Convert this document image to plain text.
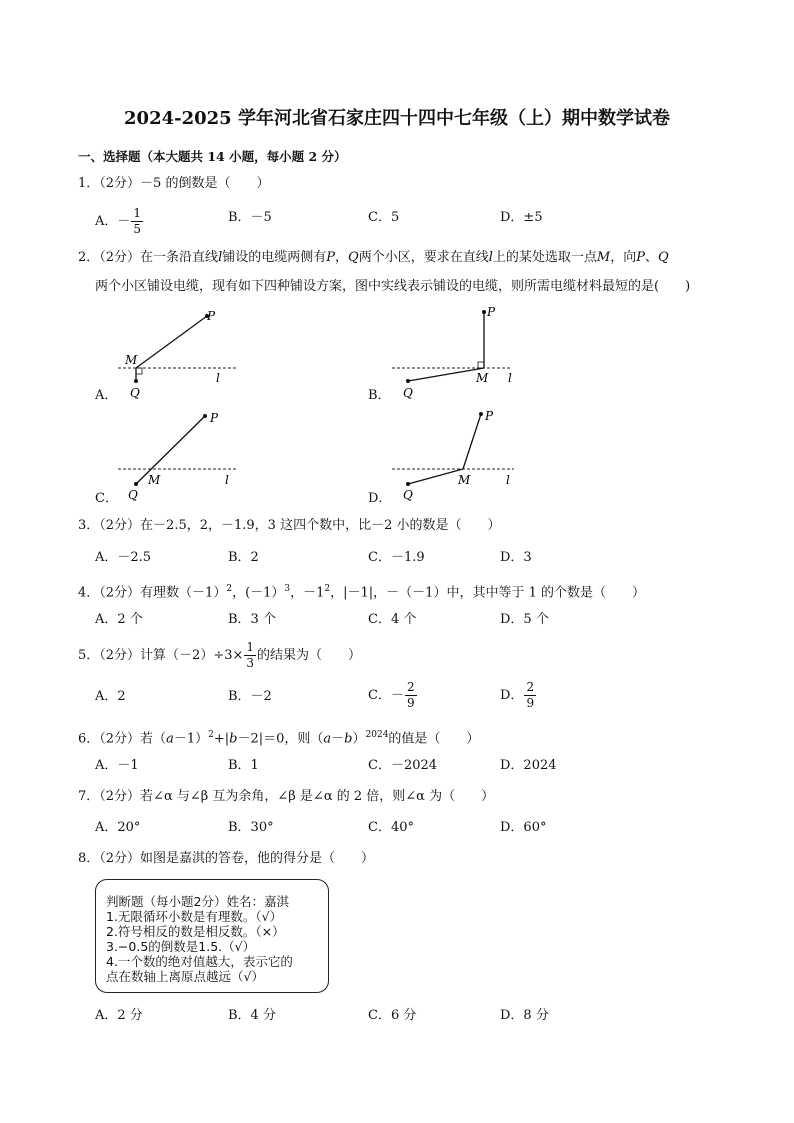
2024-2025 学年河北省石家庄四十四中七年级（上）期中数学试卷
一、选择题（本大题共 14 小题，每小题 2 分）
1．（2分）－5 的倒数是（　　）
A．－ $\frac{1}{5}$	B．－5	C．5	D．±5
2．（2分）在一条沿直线l铺设的电缆两侧有P，Q两个小区，要求在直线l上的某处选取一点M，向P、Q
两个小区铺设电缆，现有如下四种铺设方案，图中实线表示铺设的电缆，则所需电缆材料最短的是(　　)
P
M
Q
l
P
M
Q
l
P
M
Q
l
P
M
Q
l
A．	B．
C．	D．
3．（2分）在－2.5，2，－1.9，3 这四个数中，比－2 小的数是（　　）
A．－2.5	B．2	C．－1.9	D．3
4．（2分）有理数$(-1)^2$，(－1）$^3$，$-1^2$，|－1|，－（－1）中，其中等于 1 的个数是（　　）
A．2 个	B．3 个	C．4 个	D．5 个
5．（2分）计算$(-2)\div 3\times \frac{1}{3}$ 的结果为（　　）
A．2	B．－2	C．－ $\frac{2}{9}$	D． $\frac{2}{9}$
6．（2分）若$(a-1)^2+|b-2|=0$，则$(a-b)^{2024}$的值是（　　）
A．－1	B．1	C．－2024	D．2024
7．（2分）若∠α 与∠β 互为余角，∠β 是∠α 的 2 倍，则∠α 为（　　）
A．20°	B．30°	C．40°	D．60°
8．（2分）如图是嘉淇的答卷，他的得分是（　　）
判断题（每小题2分）姓名：嘉淇
1.无限循环小数是有理数。（√）
2.符号相反的数是相反数。（×）
3.−0.5的倒数是1.5.（√）
4.一个数的绝对值越大，表示它的
点在数轴上离原点越远（√）
A．2 分	B．4 分	C．6 分	D．8 分
